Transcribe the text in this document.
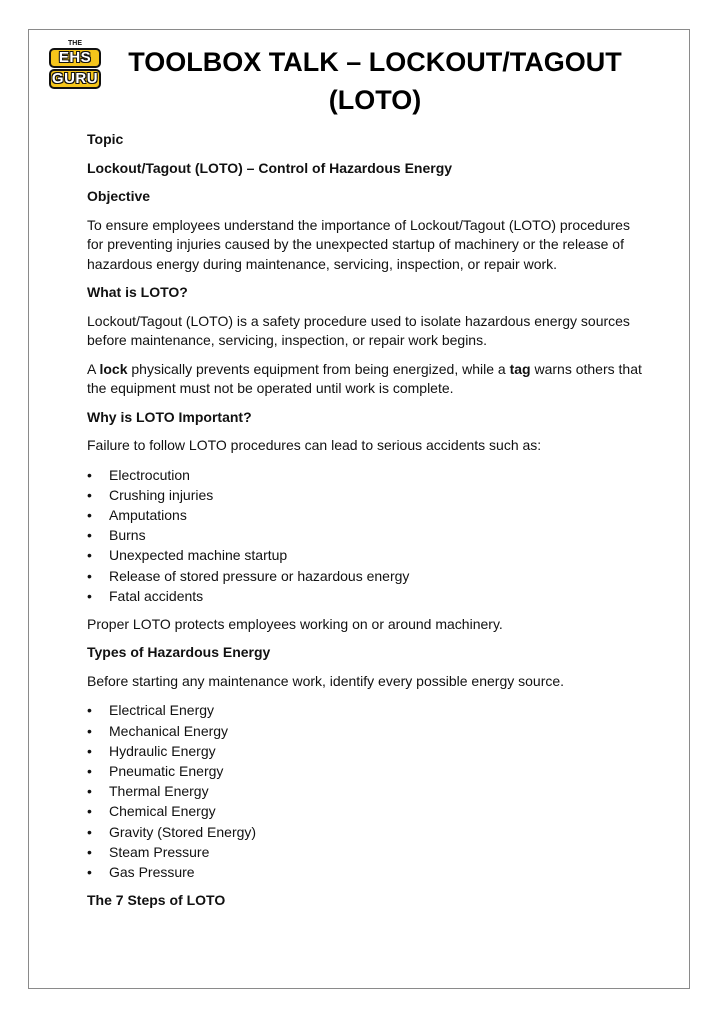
THE
EHS
GURU
TOOLBOX TALK – LOCKOUT/TAGOUT (LOTO)

Topic

Lockout/Tagout (LOTO) – Control of Hazardous Energy

Objective

To ensure employees understand the importance of Lockout/Tagout (LOTO) procedures for preventing injuries caused by the unexpected startup of machinery or the release of hazardous energy during maintenance, servicing, inspection, or repair work.

What is LOTO?

Lockout/Tagout (LOTO) is a safety procedure used to isolate hazardous energy sources before maintenance, servicing, inspection, or repair work begins.

A lock physically prevents equipment from being energized, while a tag warns others that the equipment must not be operated until work is complete.

Why is LOTO Important?

Failure to follow LOTO procedures can lead to serious accidents such as:

• Electrocution
• Crushing injuries
• Amputations
• Burns
• Unexpected machine startup
• Release of stored pressure or hazardous energy
• Fatal accidents

Proper LOTO protects employees working on or around machinery.

Types of Hazardous Energy

Before starting any maintenance work, identify every possible energy source.

• Electrical Energy
• Mechanical Energy
• Hydraulic Energy
• Pneumatic Energy
• Thermal Energy
• Chemical Energy
• Gravity (Stored Energy)
• Steam Pressure
• Gas Pressure

The 7 Steps of LOTO
